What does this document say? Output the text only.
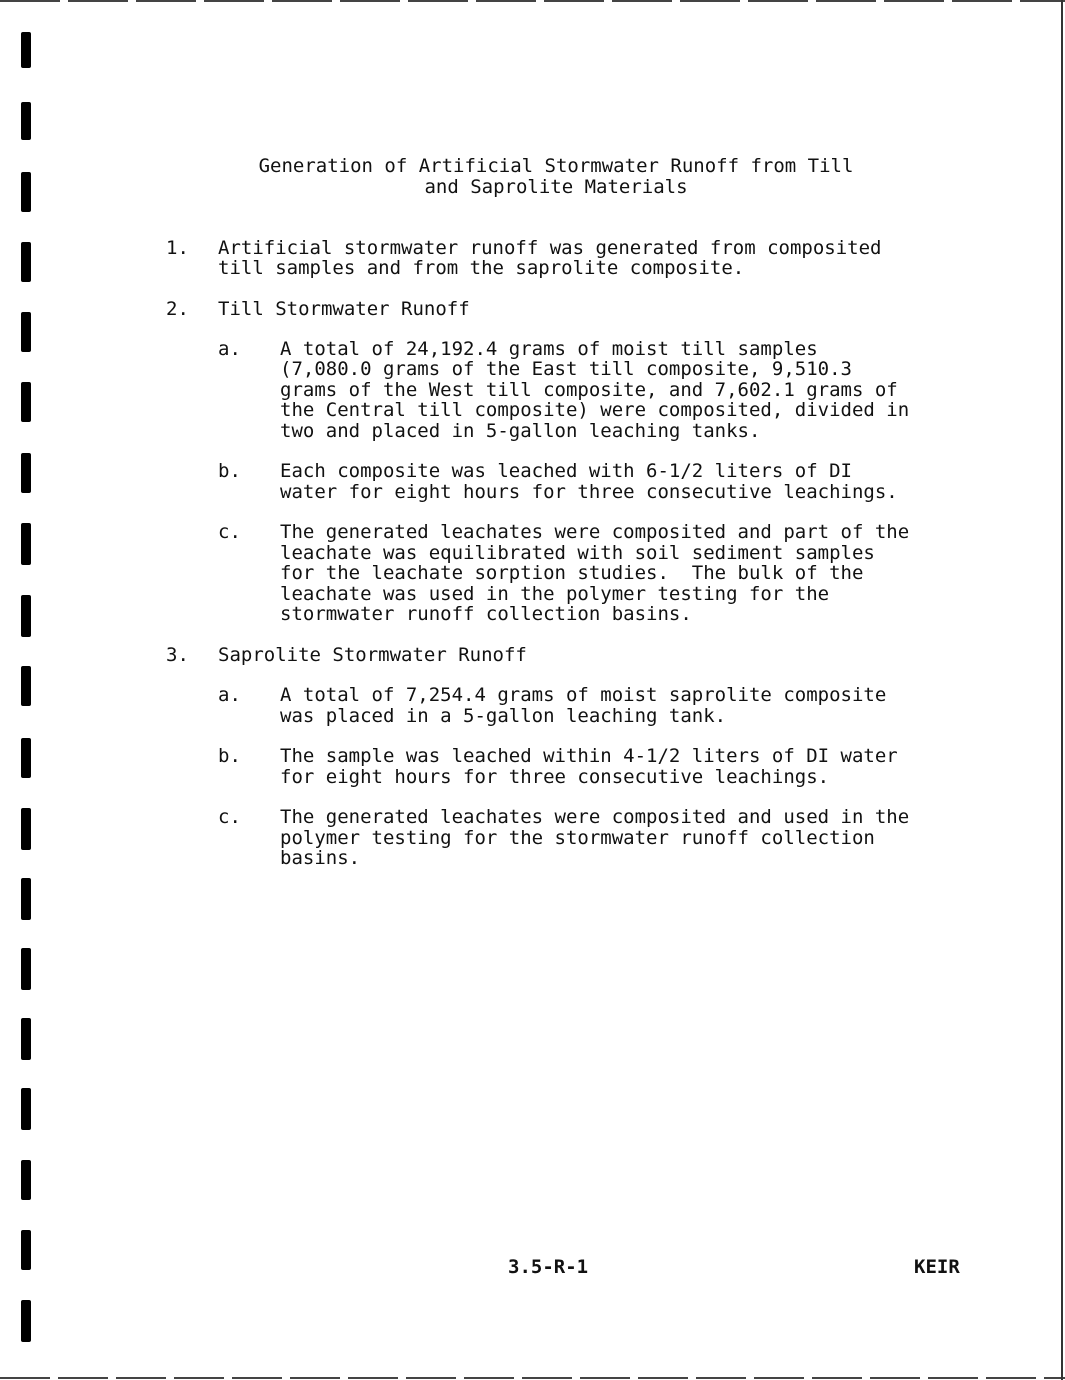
Generation of Artificial Stormwater Runoff from Till
and Saprolite Materials
1. Artificial stormwater runoff was generated from composited
till samples and from the saprolite composite.
2. Till Stormwater Runoff
a. A total of 24,192.4 grams of moist till samples
(7,080.0 grams of the East till composite, 9,510.3
grams of the West till composite, and 7,602.1 grams of
the Central till composite) were composited, divided in
two and placed in 5-gallon leaching tanks.
b. Each composite was leached with 6-1/2 liters of DI
water for eight hours for three consecutive leachings.
c. The generated leachates were composited and part of the
leachate was equilibrated with soil sediment samples
for the leachate sorption studies.  The bulk of the
leachate was used in the polymer testing for the
stormwater runoff collection basins.
3. Saprolite Stormwater Runoff
a. A total of 7,254.4 grams of moist saprolite composite
was placed in a 5-gallon leaching tank.
b. The sample was leached within 4-1/2 liters of DI water
for eight hours for three consecutive leachings.
c. The generated leachates were composited and used in the
polymer testing for the stormwater runoff collection
basins.
3.5-R-1	KEIR
